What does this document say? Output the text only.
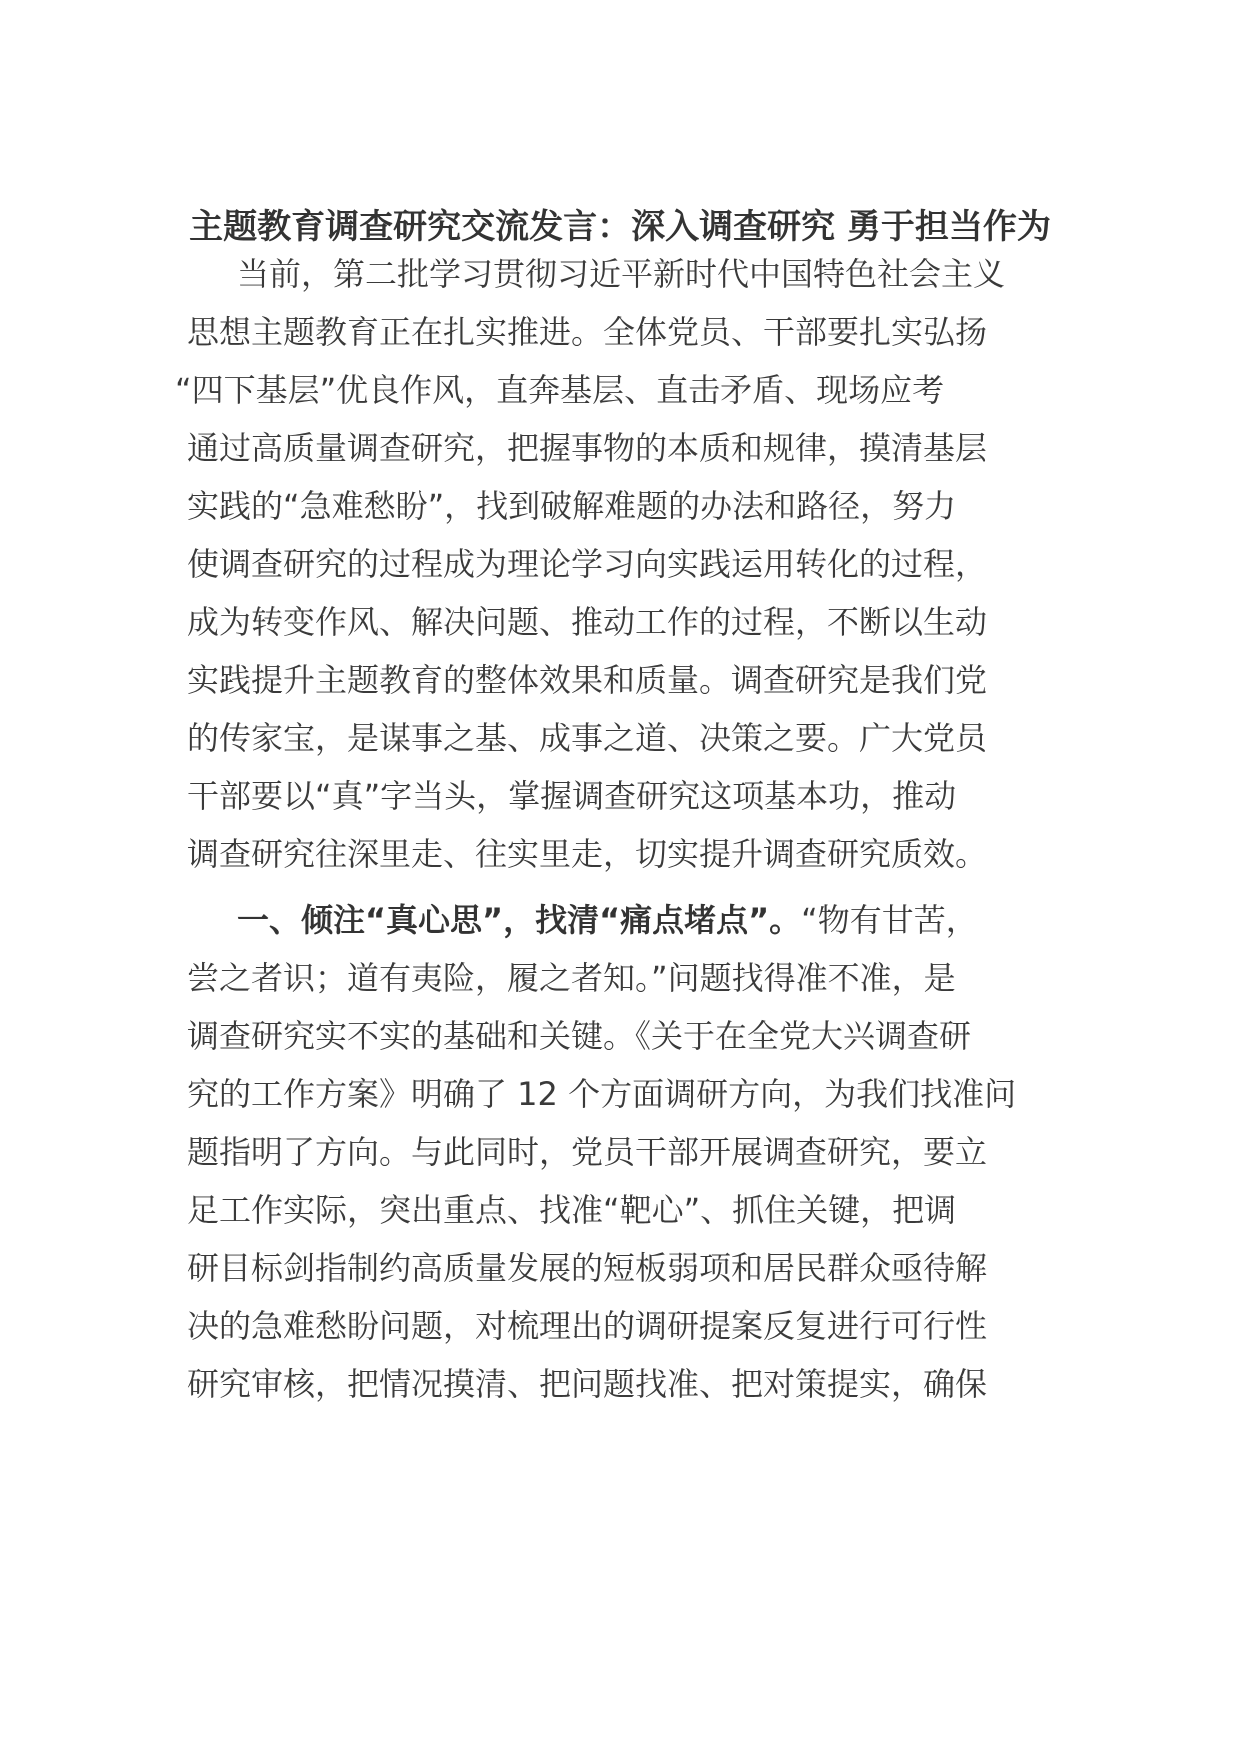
主题教育调查研究交流发言：深入调查研究 勇于担当作为
当前，第二批学习贯彻习近平新时代中国特色社会主义
思想主题教育正在扎实推进。全体党员、干部要扎实弘扬
“四下基层”优良作风，直奔基层、直击矛盾、现场应考
通过高质量调查研究，把握事物的本质和规律，摸清基层
实践的“急难愁盼”，找到破解难题的办法和路径，努力
使调查研究的过程成为理论学习向实践运用转化的过程，
成为转变作风、解决问题、推动工作的过程，不断以生动
实践提升主题教育的整体效果和质量。调查研究是我们党
的传家宝，是谋事之基、成事之道、决策之要。广大党员
干部要以“真”字当头，掌握调查研究这项基本功，推动
调查研究往深里走、往实里走，切实提升调查研究质效。
一、倾注“真心思”，找清“痛点堵点”。“物有甘苦，
尝之者识；道有夷险，履之者知。”问题找得准不准，是
调查研究实不实的基础和关键。《关于在全党大兴调查研
究的工作方案》明确了 12 个方面调研方向，为我们找准问
题指明了方向。与此同时，党员干部开展调查研究，要立
足工作实际，突出重点、找准“靶心”、抓住关键，把调
研目标剑指制约高质量发展的短板弱项和居民群众亟待解
决的急难愁盼问题，对梳理出的调研提案反复进行可行性
研究审核，把情况摸清、把问题找准、把对策提实，确保
